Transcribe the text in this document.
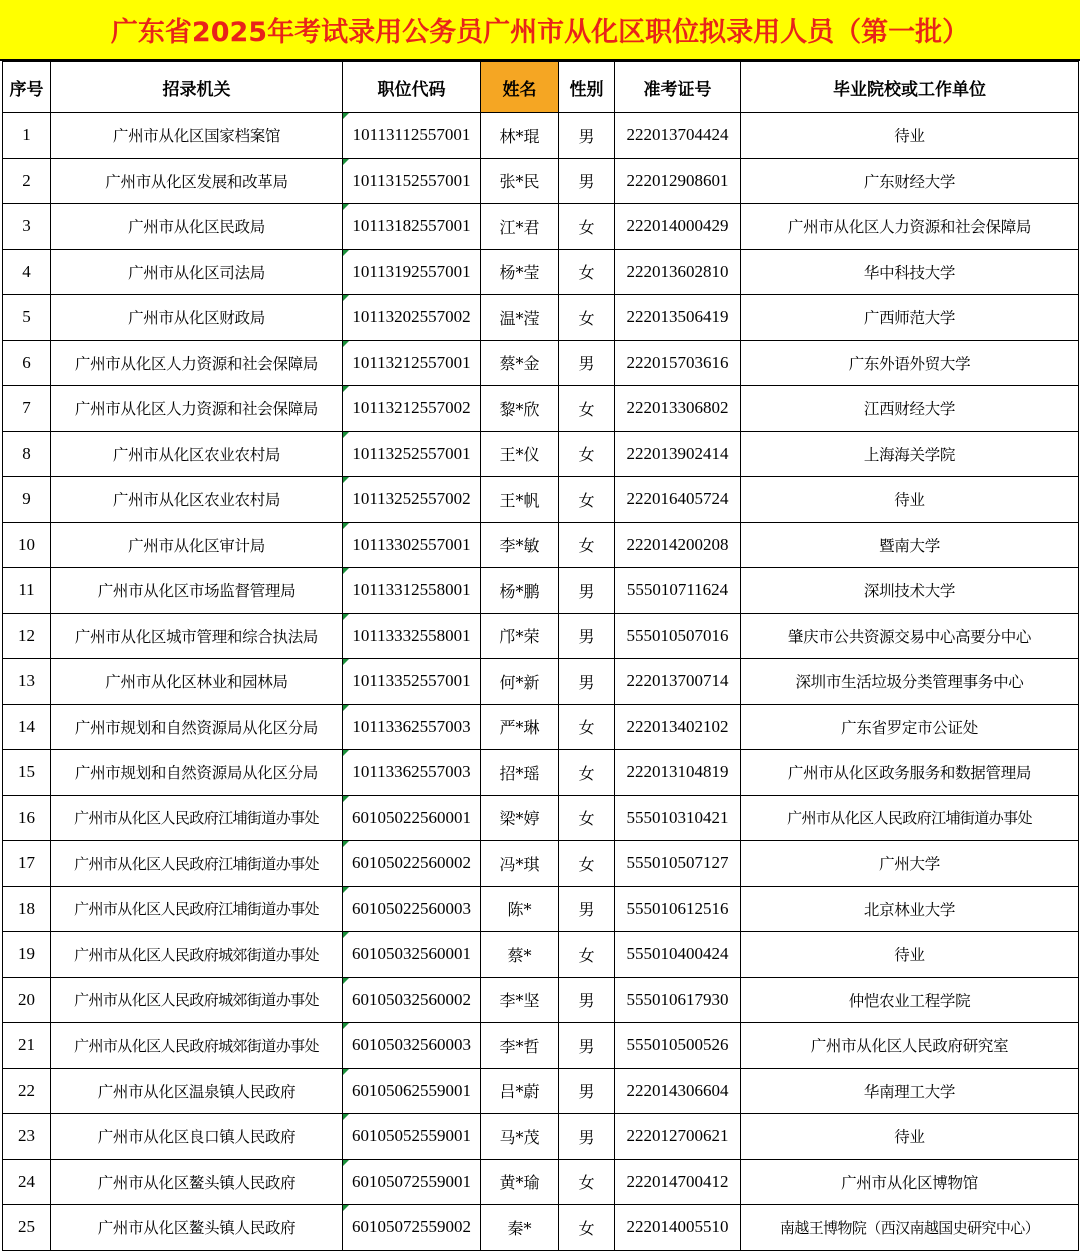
广东省2025年考试录用公务员广州市从化区职位拟录用人员（第一批）
序号	招录机关	职位代码	姓名	性别	准考证号	毕业院校或工作单位
1	广州市从化区国家档案馆	10113112557001	林*琨	男	222013704424	待业
2	广州市从化区发展和改革局	10113152557001	张*民	男	222012908601	广东财经大学
3	广州市从化区民政局	10113182557001	江*君	女	222014000429	广州市从化区人力资源和社会保障局
4	广州市从化区司法局	10113192557001	杨*莹	女	222013602810	华中科技大学
5	广州市从化区财政局	10113202557002	温*滢	女	222013506419	广西师范大学
6	广州市从化区人力资源和社会保障局	10113212557001	蔡*金	男	222015703616	广东外语外贸大学
7	广州市从化区人力资源和社会保障局	10113212557002	黎*欣	女	222013306802	江西财经大学
8	广州市从化区农业农村局	10113252557001	王*仪	女	222013902414	上海海关学院
9	广州市从化区农业农村局	10113252557002	王*帆	女	222016405724	待业
10	广州市从化区审计局	10113302557001	李*敏	女	222014200208	暨南大学
11	广州市从化区市场监督管理局	10113312558001	杨*鹏	男	555010711624	深圳技术大学
12	广州市从化区城市管理和综合执法局	10113332558001	邝*荣	男	555010507016	肇庆市公共资源交易中心高要分中心
13	广州市从化区林业和园林局	10113352557001	何*新	男	222013700714	深圳市生活垃圾分类管理事务中心
14	广州市规划和自然资源局从化区分局	10113362557003	严*琳	女	222013402102	广东省罗定市公证处
15	广州市规划和自然资源局从化区分局	10113362557003	招*瑶	女	222013104819	广州市从化区政务服务和数据管理局
16	广州市从化区人民政府江埔街道办事处	60105022560001	梁*婷	女	555010310421	广州市从化区人民政府江埔街道办事处
17	广州市从化区人民政府江埔街道办事处	60105022560002	冯*琪	女	555010507127	广州大学
18	广州市从化区人民政府江埔街道办事处	60105022560003	陈*	男	555010612516	北京林业大学
19	广州市从化区人民政府城郊街道办事处	60105032560001	蔡*	女	555010400424	待业
20	广州市从化区人民政府城郊街道办事处	60105032560002	李*坚	男	555010617930	仲恺农业工程学院
21	广州市从化区人民政府城郊街道办事处	60105032560003	李*哲	男	555010500526	广州市从化区人民政府研究室
22	广州市从化区温泉镇人民政府	60105062559001	吕*蔚	男	222014306604	华南理工大学
23	广州市从化区良口镇人民政府	60105052559001	马*茂	男	222012700621	待业
24	广州市从化区鳌头镇人民政府	60105072559001	黄*瑜	女	222014700412	广州市从化区博物馆
25	广州市从化区鳌头镇人民政府	60105072559002	秦*	女	222014005510	南越王博物院（西汉南越国史研究中心）
